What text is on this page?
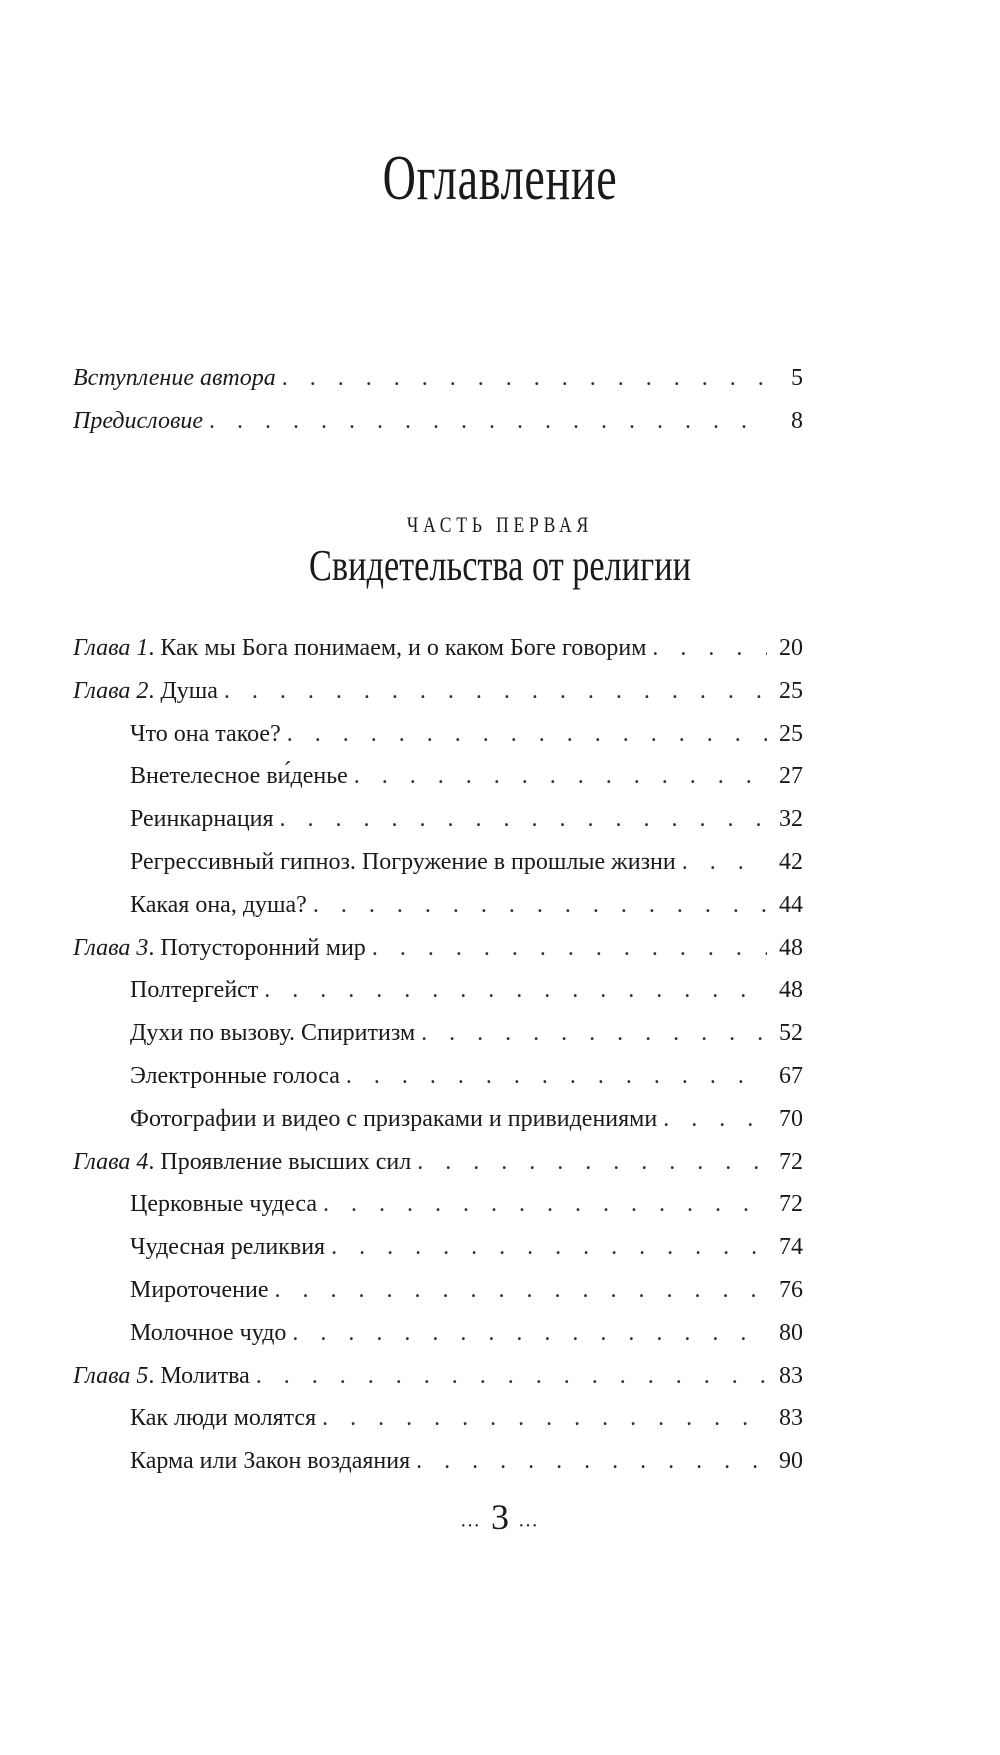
Оглавление
Вступление автора . . .	5
Предисловие . . .	8
ЧАСТЬ ПЕРВАЯ
Свидетельства от религии
Глава 1. Как мы Бога понимаем, и о каком Боге говорим . . .	20
Глава 2. Душа . . .	25
Что она такое? . . .	25
Внетелесное ви́денье . . .	27
Реинкарнация . . .	32
Регрессивный гипноз. Погружение в прошлые жизни . . .	42
Какая она, душа? . . .	44
Глава 3. Потусторонний мир . . .	48
Полтергейст . . .	48
Духи по вызову. Спиритизм . . .	52
Электронные голоса . . .	67
Фотографии и видео с призраками и привидениями . . .	70
Глава 4. Проявление высших сил . . .	72
Церковные чудеса . . .	72
Чудесная реликвия . . .	74
Мироточение . . .	76
Молочное чудо . . .	80
Глава 5. Молитва . . .	83
Как люди молятся . . .	83
Карма или Закон воздаяния . . .	90
… 3 …
